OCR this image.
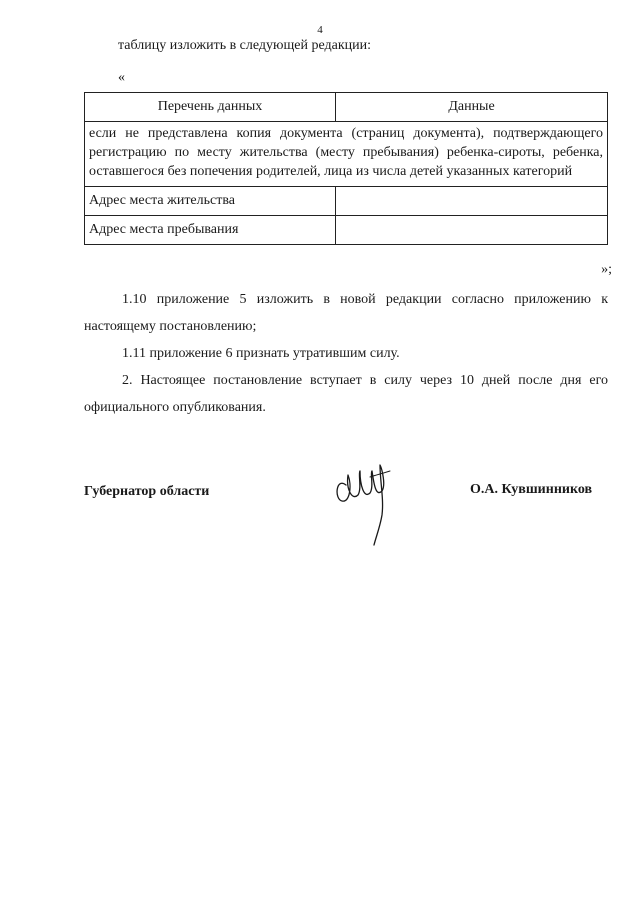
4
таблицу изложить в следующей редакции:
«
Перечень данных	Данные
если не представлена копия документа (страниц документа), подтверждающего регистрацию по месту жительства (месту пребывания) ребенка-сироты, ребенка, оставшегося без попечения родителей, лица из числа детей указанных категорий	
Адрес места жительства	
Адрес места пребывания	
»;
1.10 приложение 5 изложить в новой редакции согласно приложению к настоящему постановлению;
1.11 приложение 6 признать утратившим силу.
2. Настоящее постановление вступает в силу через 10 дней после дня его официального опубликования.
Губернатор области	О.А. Кувшинников
